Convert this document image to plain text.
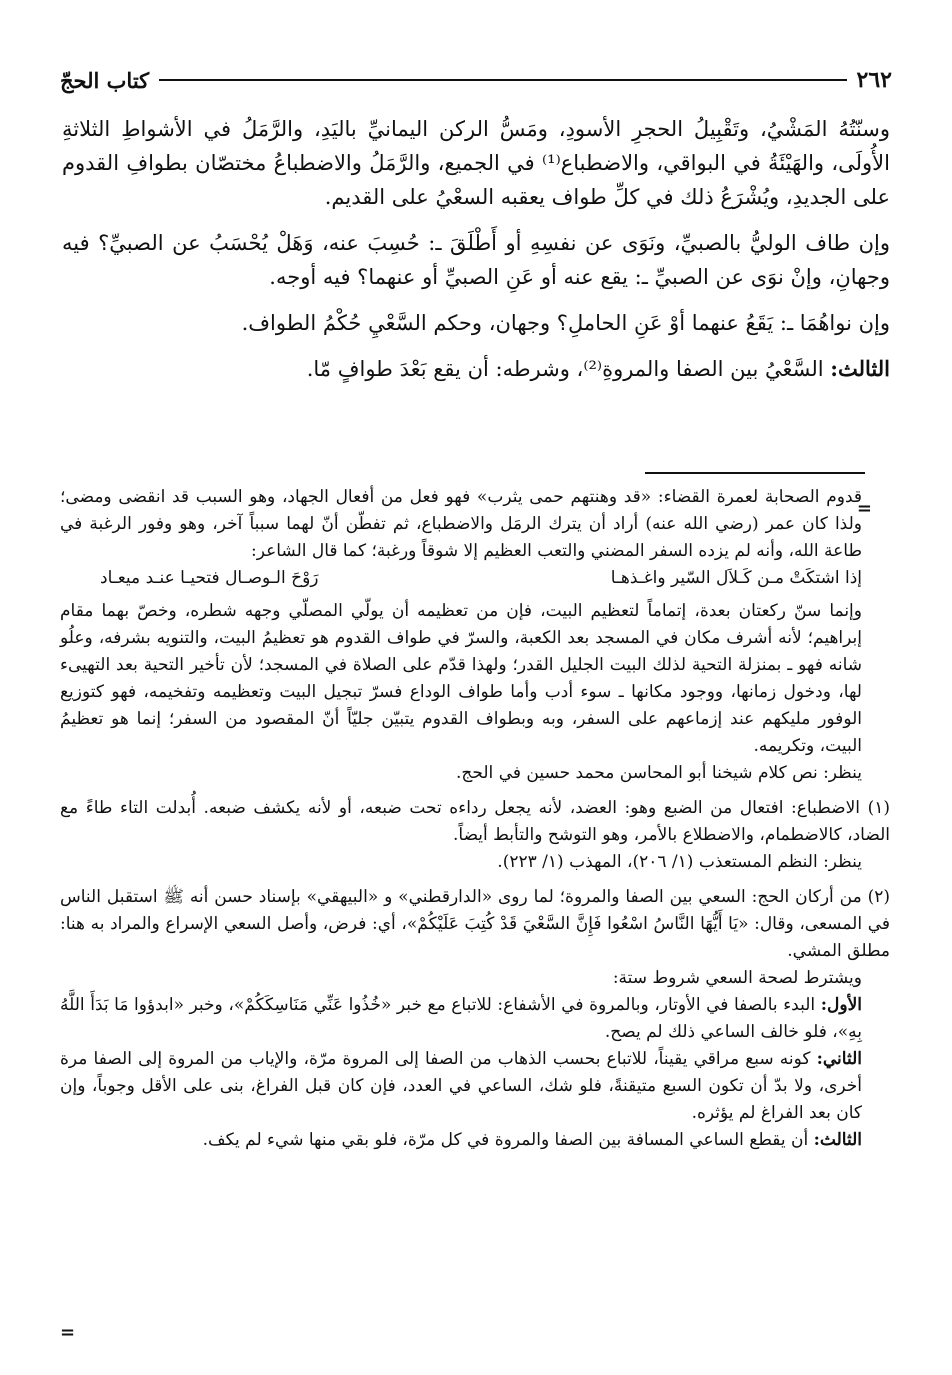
٢٦٢
كتاب الحجّ

وسنّتُهُ المَشْيُ، وتَقْبِيلُ الحجرِ الأسودِ، ومَسُّ الركن اليمانيِّ باليَدِ، والرَّمَلُ في الأشواطِ الثلاثةِ الأُولَى، والهَيْئَةُ في البواقي، والاضطباع⁽¹⁾ في الجميع، والرَّمَلُ والاضطباعُ مختصّان بطوافِ القدوم على الجديدِ، ويُشْرَعُ ذلك في كلِّ طواف يعقبه السعْيُ على القديم.

وإن طاف الوليُّ بالصبيِّ، ونَوَى عن نفسِهِ أو أَطْلَقَ ـ: حُسِبَ عنه، وَهَلْ يُحْسَبُ عن الصبيِّ؟ فيه وجهانِ، وإنْ نوَى عن الصبيِّ ـ: يقع عنه أو عَنِ الصبيِّ أو عنهما؟ فيه أوجه.

وإن نواهُمَا ـ: يَقَعُ عنهما أوْ عَنِ الحاملِ؟ وجهان، وحكم السَّعْيِ حُكْمُ الطواف.

الثالث: السَّعْيُ بين الصفا والمروةِ⁽²⁾، وشرطه: أن يقع بَعْدَ طوافٍ مّا.

=
=

قدوم الصحابة لعمرة القضاء: «قد وهنتهم حمى يثرب» فهو فعل من أفعال الجهاد، وهو السبب قد انقضى ومضى؛ ولذا كان عمر (رضي الله عنه) أراد أن يترك الرمَل والاضطباع، ثم تفطّن أنّ لهما سبباً آخر، وهو وفور الرغبة في طاعة الله، وأنه لم يزده السفر المضني والتعب العظيم إلا شوقاً ورغبة؛ كما قال الشاعر:

إذا اشتكَتْ مـن كَـلاَل السّير واغـذهـا
رَوْحَ الـوصـال فتحيـا عنـد ميعـاد

وإنما سنّ ركعتان بعدة، إتماماً لتعظيم البيت، فإن من تعظيمه أن يولّي المصلّي وجهه شطره، وخصّ بهما مقام إبراهيم؛ لأنه أشرف مكان في المسجد بعد الكعبة، والسرّ في طواف القدوم هو تعظيمُ البيت، والتنويه بشرفه، وعلُو شانه فهو ـ بمنزلة التحية لذلك البيت الجليل القدر؛ ولهذا قدّم على الصلاة في المسجد؛ لأن تأخير التحية بعد التهيىء لها، ودخول زمانها، ووجود مكانها ـ سوء أدب وأما طواف الوداع فسرّ تبجيل البيت وتعظيمه وتفخيمه، فهو كتوزيع الوفور مليكهم عند إزماعهم على السفر، وبه وبطواف القدوم يتبيّن جليّاً أنّ المقصود من السفر؛ إنما هو تعظيمُ البيت، وتكريمه.

ينظر: نص كلام شيخنا أبو المحاسن محمد حسين في الحج.

(١) الاضطباع: افتعال من الضبع وهو: العضد، لأنه يجعل رداءه تحت ضبعه، أو لأنه يكشف ضبعه. أُبدلت التاء طاءً مع الضاد، كالاضطمام، والاضطلاع بالأمر، وهو التوشح والتأبط أيضاً.

ينظر: النظم المستعذب (١/ ٢٠٦)، المهذب (١/ ٢٢٣).

(٢) من أركان الحج: السعي بين الصفا والمروة؛ لما روى «الدارقطني» و «البيهقي» بإسناد حسن أنه ﷺ استقبل الناس في المسعى، وقال: «يَا أَيُّهَا النَّاسُ اسْعُوا فَإِنَّ السَّعْيَ قَدْ كُتِبَ عَلَيْكُمْ»، أي: فرض، وأصل السعي الإسراع والمراد به هنا: مطلق المشي.

ويشترط لصحة السعي شروط ستة:

الأول: البدء بالصفا في الأوتار، وبالمروة في الأشفاع: للاتباع مع خبر «خُذُوا عَنِّي مَنَاسِكَكُمْ»، وخبر «ابدؤوا مَا بَدَأَ اللَّهُ بِهِ»، فلو خالف الساعي ذلك لم يصح.

الثاني: كونه سبع مراقي يقيناً، للاتباع بحسب الذهاب من الصفا إلى المروة مرّة، والإياب من المروة إلى الصفا مرة أخرى، ولا بدّ أن تكون السبع متيقنةً، فلو شك، الساعي في العدد، فإن كان قبل الفراغ، بنى على الأقل وجوباً، وإن كان بعد الفراغ لم يؤثره.

الثالث: أن يقطع الساعي المسافة بين الصفا والمروة في كل مرّة، فلو بقي منها شيء لم يكف.
